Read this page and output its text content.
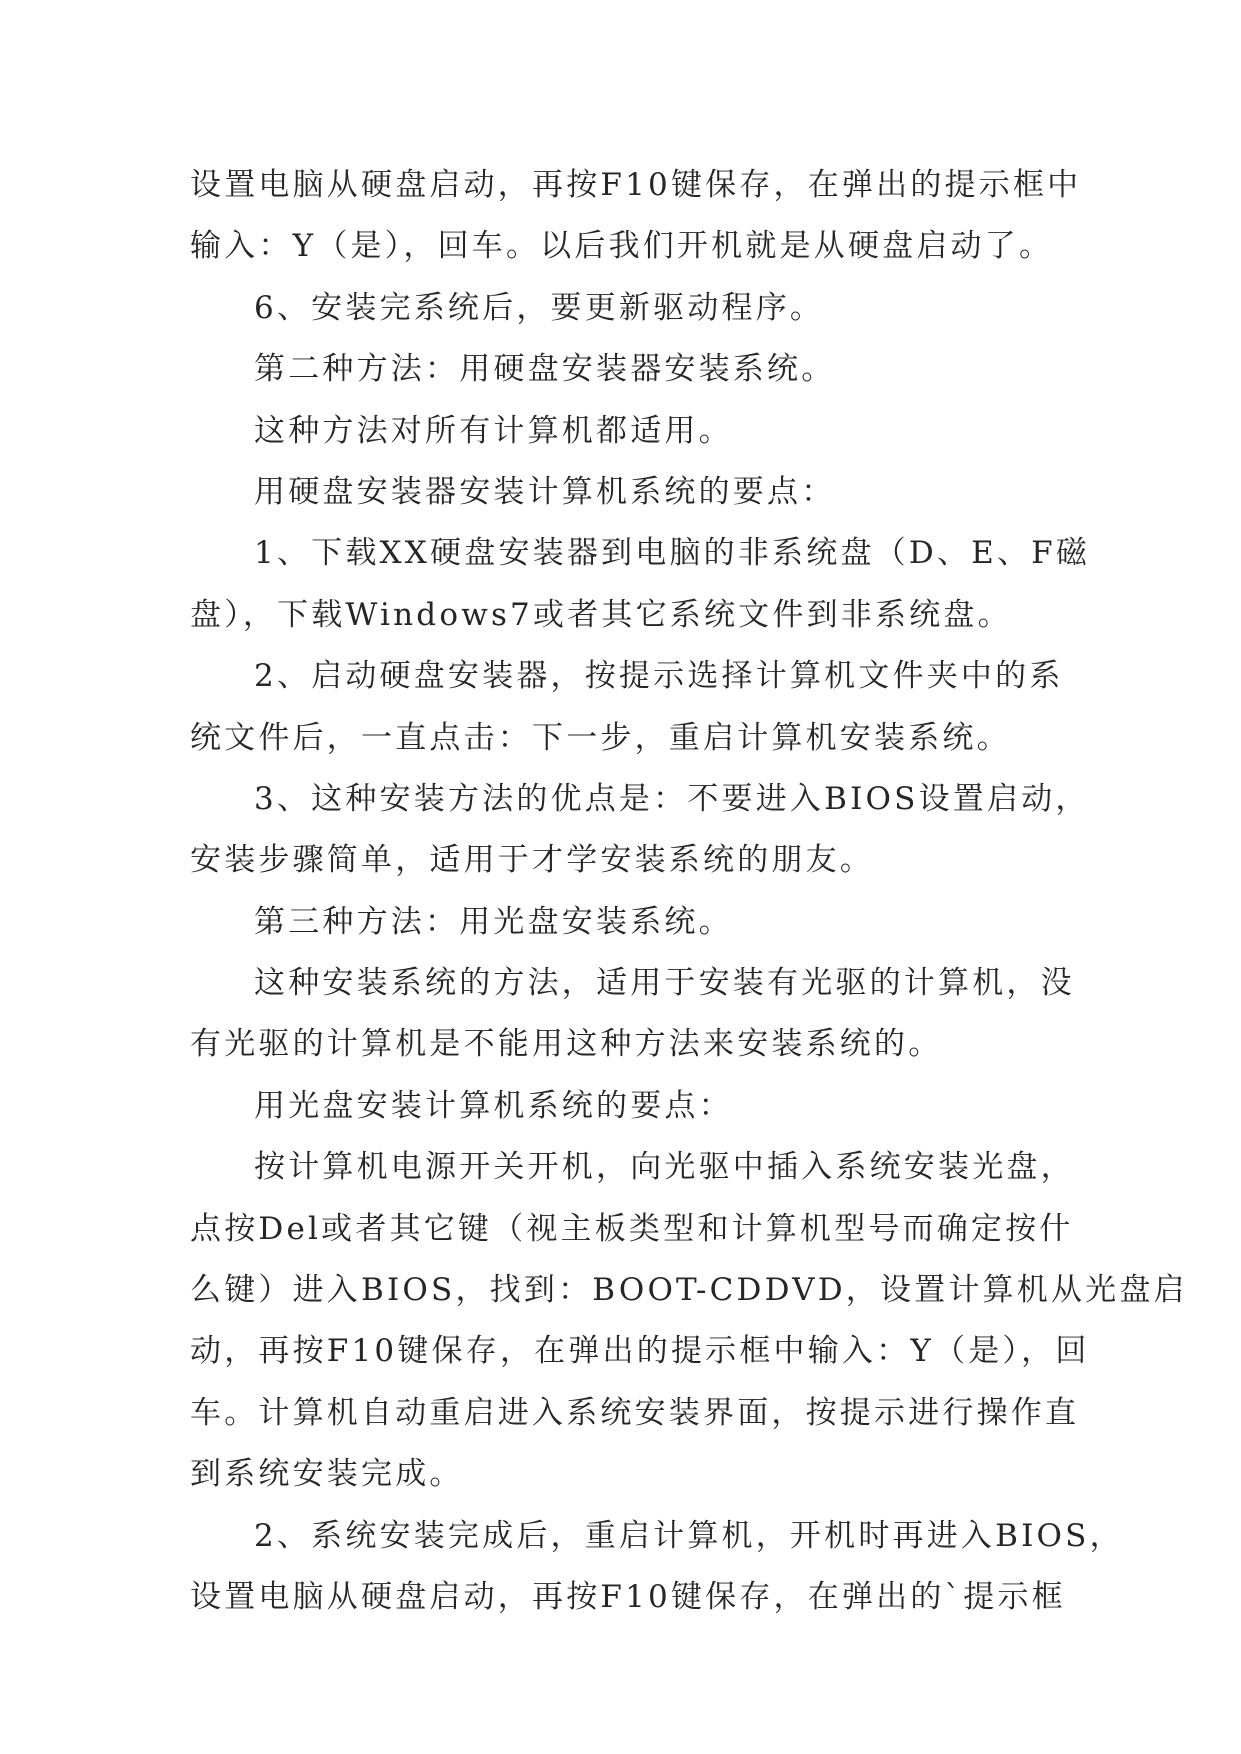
设置电脑从硬盘启动，再按F10键保存，在弹出的提示框中
输入：Y（是），回车。以后我们开机就是从硬盘启动了。
6、安装完系统后，要更新驱动程序。
第二种方法：用硬盘安装器安装系统。
这种方法对所有计算机都适用。
用硬盘安装器安装计算机系统的要点：
1、下载XX硬盘安装器到电脑的非系统盘（D、E、F磁
盘），下载Windows7或者其它系统文件到非系统盘。
2、启动硬盘安装器，按提示选择计算机文件夹中的系
统文件后，一直点击：下一步，重启计算机安装系统。
3、这种安装方法的优点是：不要进入BIOS设置启动，
安装步骤简单，适用于才学安装系统的朋友。
第三种方法：用光盘安装系统。
这种安装系统的方法，适用于安装有光驱的计算机，没
有光驱的计算机是不能用这种方法来安装系统的。
用光盘安装计算机系统的要点：
按计算机电源开关开机，向光驱中插入系统安装光盘，
点按Del或者其它键（视主板类型和计算机型号而确定按什
么键）进入BIOS，找到：BOOT-CDDVD，设置计算机从光盘启
动，再按F10键保存，在弹出的提示框中输入：Y（是），回
车。计算机自动重启进入系统安装界面，按提示进行操作直
到系统安装完成。
2、系统安装完成后，重启计算机，开机时再进入BIOS，
设置电脑从硬盘启动，再按F10键保存，在弹出的`提示框
